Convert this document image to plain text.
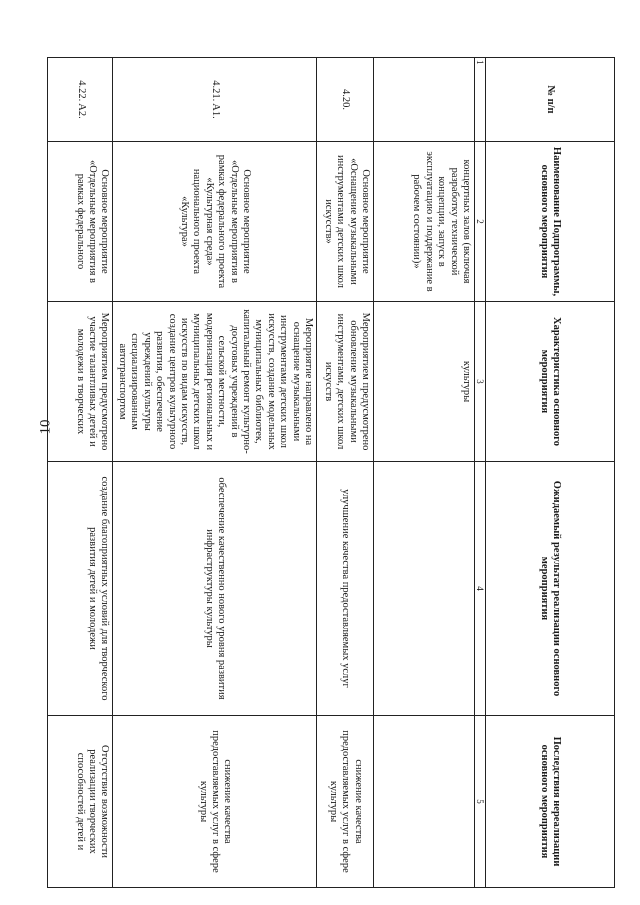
10
№ п/п	Наименование Подпрограммы, основного мероприятия	Характеристика основного мероприятия	Ожидаемый результат реализации основного мероприятия	Последствия нереализации основного мероприятия
1	2	3	4	5
	концертных залов (включая разработку технической концепции, запуск в эксплуатацию и поддержание в рабочем состоянии)»	культуры		
4.20.	Основное мероприятие «Оснащение музыкальными инструментами детских школ искусств»	Мероприятием предусмотрено обновление музыкальными инструментами, детских школ искусств	улучшение качества предоставляемых услуг	снижение качества предоставляемых услуг в сфере культуры
4.21. A1.	Основное мероприятие «Отдельные мероприятия в рамках федерального проекта «Культурная среда» национального проекта «Культура»	Мероприятие направлено на оснащение музыкальными инструментами детских школ искусств, создание модельных муниципальных библиотек, капитальный ремонт культурно-досуговых учреждений в сельской местности, модернизация региональных и муниципальных детских школ искусств по видам искусств, создание центров культурного развития, обеспечение учреждений культуры специализированным автотранспортом	обеспечение качественно нового уровня развития инфраструктуры культуры	снижение качества предоставляемых услуг в сфере культуры
4.22. A2.	Основное мероприятие «Отдельные мероприятия в рамках федерального	Мероприятием предусмотрено участие талантливых детей и молодежи в творческих	создание благоприятных условий для творческого развития детей и молодежи	Отсутствие возможности реализации творческих способностей детей и
